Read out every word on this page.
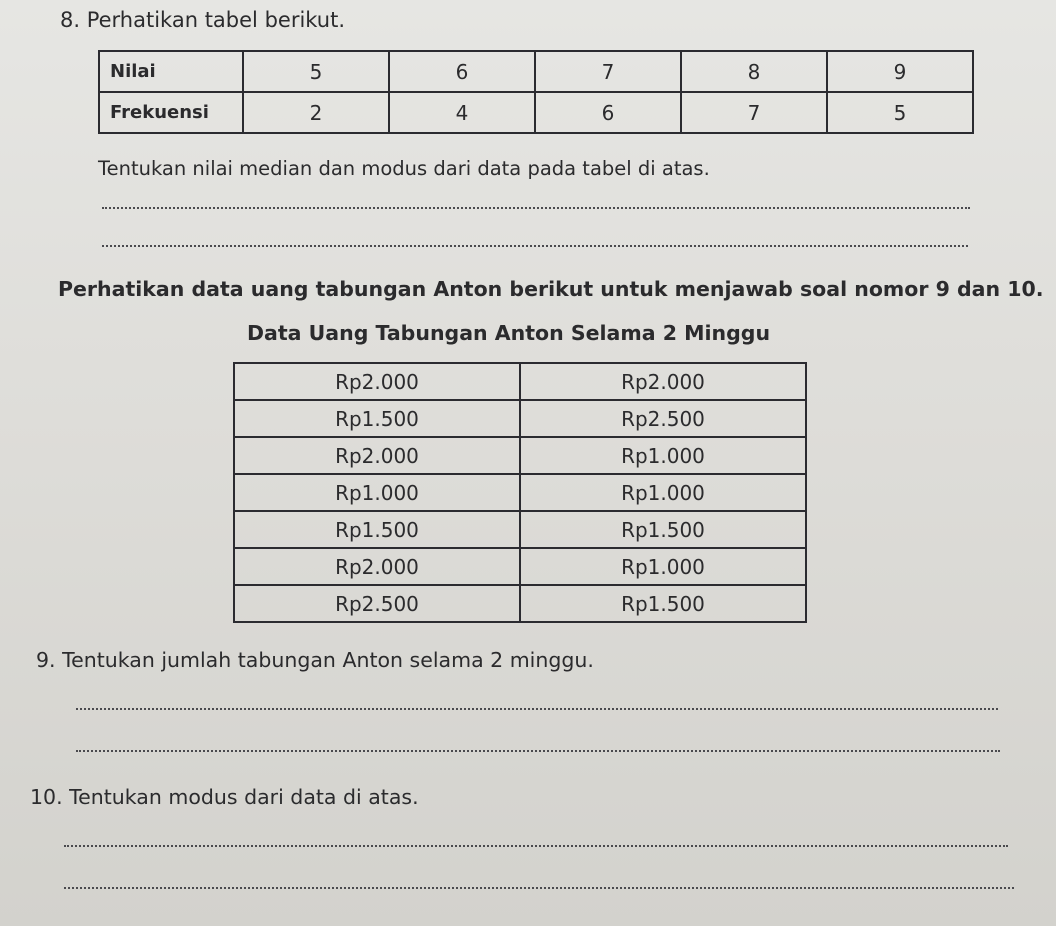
8. Perhatikan tabel berikut.
Nilai	5	6	7	8	9
Frekuensi	2	4	6	7	5
Tentukan nilai median dan modus dari data pada tabel di atas.
Perhatikan data uang tabungan Anton berikut untuk menjawab soal nomor 9 dan 10.
Data Uang Tabungan Anton Selama 2 Minggu
Rp2.000	Rp2.000
Rp1.500	Rp2.500
Rp2.000	Rp1.000
Rp1.000	Rp1.000
Rp1.500	Rp1.500
Rp2.000	Rp1.000
Rp2.500	Rp1.500
9. Tentukan jumlah tabungan Anton selama 2 minggu.
10. Tentukan modus dari data di atas.
